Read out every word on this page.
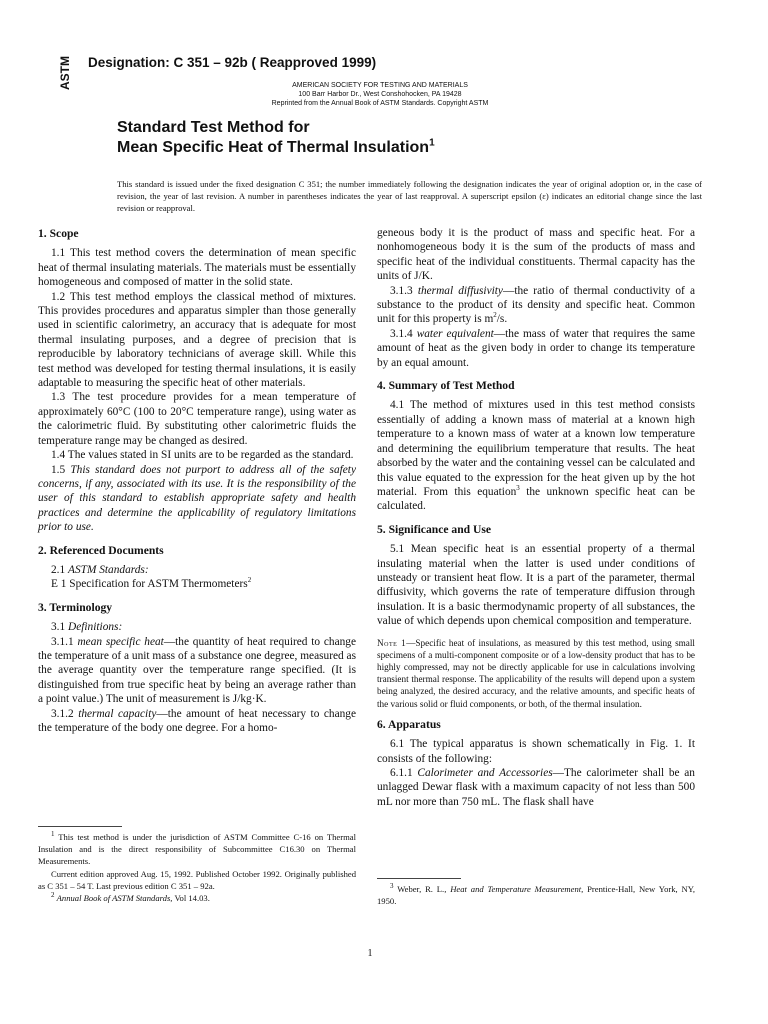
ASTM Designation: C 351 – 92b ( Reapproved 1999)
AMERICAN SOCIETY FOR TESTING AND MATERIALS
100 Barr Harbor Dr., West Conshohocken, PA 19428
Reprinted from the Annual Book of ASTM Standards. Copyright ASTM
Standard Test Method for
Mean Specific Heat of Thermal Insulation$^1$
This standard is issued under the fixed designation C 351; the number immediately following the designation indicates the year of original adoption or, in the case of revision, the year of last revision. A number in parentheses indicates the year of last reapproval. A superscript epsilon (ε) indicates an editorial change since the last revision or reapproval.
1. Scope

1.1 This test method covers the determination of mean specific heat of thermal insulating materials. The materials must be essentially homogeneous and composed of matter in the solid state.

1.2 This test method employs the classical method of mixtures. This provides procedures and apparatus simpler than those generally used in scientific calorimetry, an accuracy that is adequate for most thermal insulating purposes, and a degree of precision that is reproducible by laboratory technicians of average skill. While this test method was developed for testing thermal insulations, it is easily adaptable to measuring the specific heat of other materials.

1.3 The test procedure provides for a mean temperature of approximately 60°C (100 to 20°C temperature range), using water as the calorimetric fluid. By substituting other calorimetric fluids the temperature range may be changed as desired.

1.4 The values stated in SI units are to be regarded as the standard.

1.5 This standard does not purport to address all of the safety concerns, if any, associated with its use. It is the responsibility of the user of this standard to establish appropriate safety and health practices and determine the applicability of regulatory limitations prior to use.

2. Referenced Documents

2.1 ASTM Standards:

E 1 Specification for ASTM Thermometers$^2$

3. Terminology

3.1 Definitions:

3.1.1 mean specific heat—the quantity of heat required to change the temperature of a unit mass of a substance one degree, measured as the average quantity over the temperature range specified. (It is distinguished from true specific heat by being an average rather than a point value.) The unit of measurement is J/kg·K.

3.1.2 thermal capacity—the amount of heat necessary to change the temperature of the body one degree. For a homo-

geneous body it is the product of mass and specific heat. For a nonhomogeneous body it is the sum of the products of mass and specific heat of the individual constituents. Thermal capacity has the units of J/K.

3.1.3 thermal diffusivity—the ratio of thermal conductivity of a substance to the product of its density and specific heat. Common unit for this property is $m^2/s$.

3.1.4 water equivalent—the mass of water that requires the same amount of heat as the given body in order to change its temperature by an equal amount.

4. Summary of Test Method

4.1 The method of mixtures used in this test method consists essentially of adding a known mass of material at a known high temperature to a known mass of water at a known low temperature and determining the equilibrium temperature that results. The heat absorbed by the water and the containing vessel can be calculated and this value equated to the expression for the heat given up by the hot material. From this equation$^3$ the unknown specific heat can be calculated.

5. Significance and Use

5.1 Mean specific heat is an essential property of a thermal insulating material when the latter is used under conditions of unsteady or transient heat flow. It is a part of the parameter, thermal diffusivity, which governs the rate of temperature diffusion through insulation. It is a basic thermodynamic property of all substances, the value of which depends upon chemical composition and temperature.

Note 1—Specific heat of insulations, as measured by this test method, using small specimens of a multi-component composite or of a low-density product that has to be highly compressed, may not be directly applicable for use in calculations involving transient thermal response. The applicability of the results will depend upon a system being analyzed, the desired accuracy, and the relative amounts, and specific heats of the various solid or fluid components, or both, of the thermal insulation.

6. Apparatus

6.1 The typical apparatus is shown schematically in Fig. 1. It consists of the following:

6.1.1 Calorimeter and Accessories—The calorimeter shall be an unlagged Dewar flask with a maximum capacity of not less than 500 mL nor more than 750 mL. The flask shall have

$^1$ This test method is under the jurisdiction of ASTM Committee C-16 on Thermal Insulation and is the direct responsibility of Subcommittee C16.30 on Thermal Measurements.

Current edition approved Aug. 15, 1992. Published October 1992. Originally published as C 351 – 54 T. Last previous edition C 351 – 92a.

$^2$ Annual Book of ASTM Standards, Vol 14.03.

$^3$ Weber, R. L., Heat and Temperature Measurement, Prentice-Hall, New York, NY, 1950.

1
